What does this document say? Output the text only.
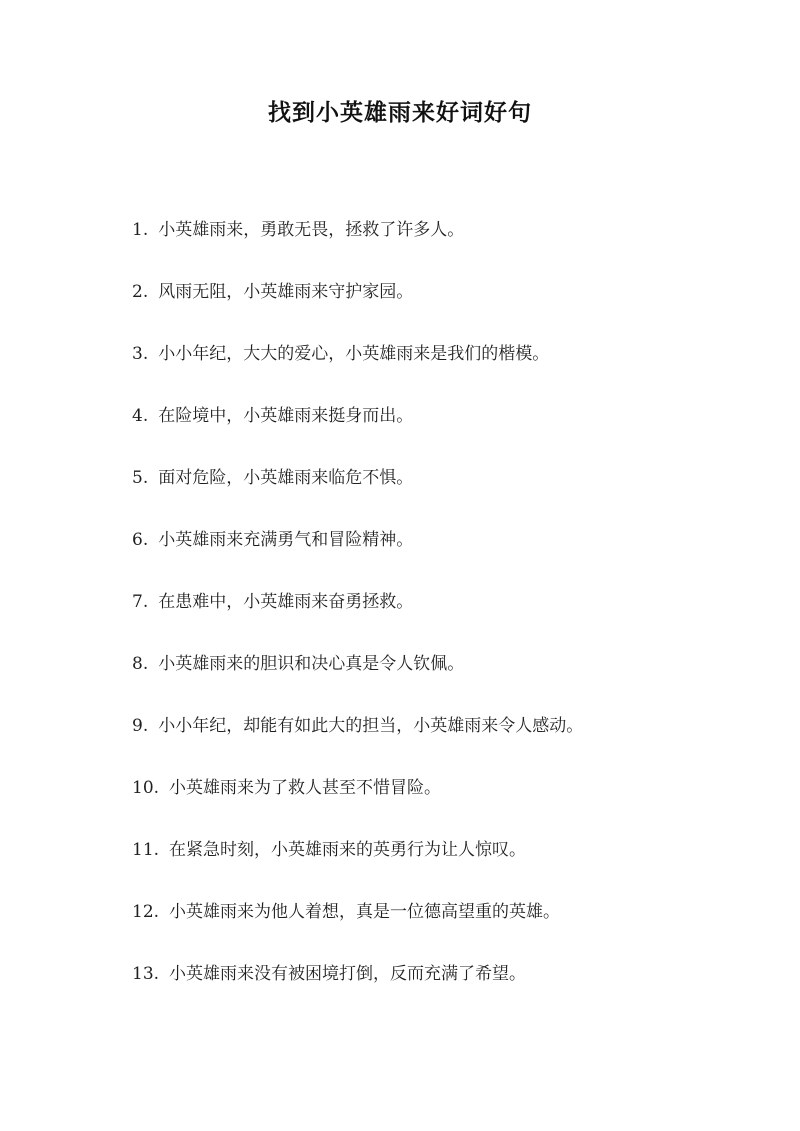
找到小英雄雨来好词好句
1. 小英雄雨来，勇敢无畏，拯救了许多人。
2. 风雨无阻，小英雄雨来守护家园。
3. 小小年纪，大大的爱心，小英雄雨来是我们的楷模。
4. 在险境中，小英雄雨来挺身而出。
5. 面对危险，小英雄雨来临危不惧。
6. 小英雄雨来充满勇气和冒险精神。
7. 在患难中，小英雄雨来奋勇拯救。
8. 小英雄雨来的胆识和决心真是令人钦佩。
9. 小小年纪，却能有如此大的担当，小英雄雨来令人感动。
10. 小英雄雨来为了救人甚至不惜冒险。
11. 在紧急时刻，小英雄雨来的英勇行为让人惊叹。
12. 小英雄雨来为他人着想，真是一位德高望重的英雄。
13. 小英雄雨来没有被困境打倒，反而充满了希望。
